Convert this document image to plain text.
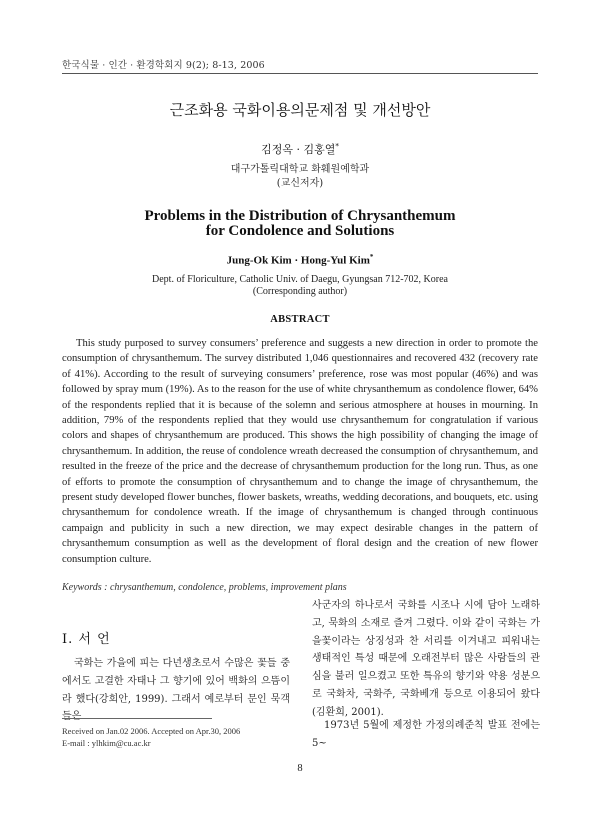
한국식물 · 인간 · 환경학회지 9(2); 8-13, 2006
근조화용 국화이용의문제점 및 개선방안
김정옥 · 김홍열*
대구가톨릭대학교 화훼원예학과
(교신저자)
Problems in the Distribution of Chrysanthemum
for Condolence and Solutions
Jung-Ok Kim · Hong-Yul Kim*
Dept. of Floriculture, Catholic Univ. of Daegu, Gyungsan 712-702, Korea
(Corresponding author)
ABSTRACT

This study purposed to survey consumers’ preference and suggests a new direction in order to promote the consumption of chrysanthemum. The survey distributed 1,046 questionnaires and recovered 432 (recovery rate of 41%). According to the result of surveying consumers’ preference, rose was most popular (46%) and was followed by spray mum (19%). As to the reason for the use of white chrysanthemum as condolence flower, 64% of the respondents replied that it is because of the solemn and serious atmosphere at houses in mourning. In addition, 79% of the respondents replied that they would use chrysanthemum for congratulation if various colors and shapes of chrysanthemum are produced. This shows the high possibility of changing the image of chrysanthemum. In addition, the reuse of condolence wreath decreased the consumption of chrysanthemum, and resulted in the freeze of the price and the decrease of chrysanthemum production for the long run. Thus, as one of efforts to promote the consumption of chrysanthemum and to change the image of chrysanthemum, the present study developed flower bunches, flower baskets, wreaths, wedding decorations, and bouquets, etc. using chrysanthemum for condolence wreath. If the image of chrysanthemum is changed through continuous campaign and publicity in such a new direction, we may expect desirable changes in the pattern of chrysanthemum consumption as well as the development of floral design and the creation of new flower consumption culture.

Keywords : chrysanthemum, condolence, problems, improvement plans
I. 서 언

국화는 가을에 피는 다년생초로서 수많은 꽃들 중에서도 고결한 자태나 그 향기에 있어 백화의 으뜸이라 했다(강희안, 1999). 그래서 예로부터 문인 묵객들은

사군자의 하나로서 국화를 시조나 시에 담아 노래하고, 묵화의 소재로 즐겨 그렸다. 이와 같이 국화는 가을꽃이라는 상징성과 찬 서리를 이겨내고 피워내는 생태적인 특성 때문에 오래전부터 많은 사람들의 관심을 불러 일으켰고 또한 특유의 향기와 약용 성분으로 국화차, 국화주, 국화베개 등으로 이용되어 왔다(김환희, 2001).

1973년 5월에 제정한 가정의례준칙 발표 전에는 5~

Received on Jan.02 2006. Accepted on Apr.30, 2006
E-mail : ylhkim@cu.ac.kr
8
